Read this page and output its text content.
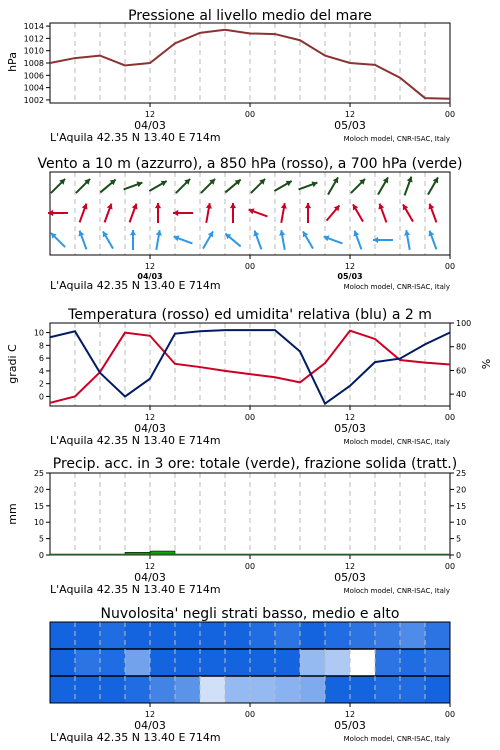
Pressione al livello medio del mare
hPa
1014
1012
1010
1008
1006
1004
1002
12	00	12	00
04/03	05/03
L'Aquila 42.35 N 13.40 E 714m	Moloch model, CNR-ISAC, Italy
Vento a 10 m (azzurro), a 850 hPa (rosso), a 700 hPa (verde)
12	00	12	00
04/03	05/03
L'Aquila 42.35 N 13.40 E 714m	Moloch model, CNR-ISAC, Italy
Temperatura (rosso) ed umidita' relativa (blu) a 2 m
gradi C	%
10
8
6
4
2
0
100
80
60
40
12	00	12	00
04/03	05/03
L'Aquila 42.35 N 13.40 E 714m	Moloch model, CNR-ISAC, Italy
Precip. acc. in 3 ore: totale (verde), frazione solida (tratt.)
mm
25	25
20	20
15	15
10	10
5	5
0	0
12	00	12	00
04/03	05/03
L'Aquila 42.35 N 13.40 E 714m	Moloch model, CNR-ISAC, Italy
Nuvolosita' negli strati basso, medio e alto
12	00	12	00
04/03	05/03
L'Aquila 42.35 N 13.40 E 714m	Moloch model, CNR-ISAC, Italy
